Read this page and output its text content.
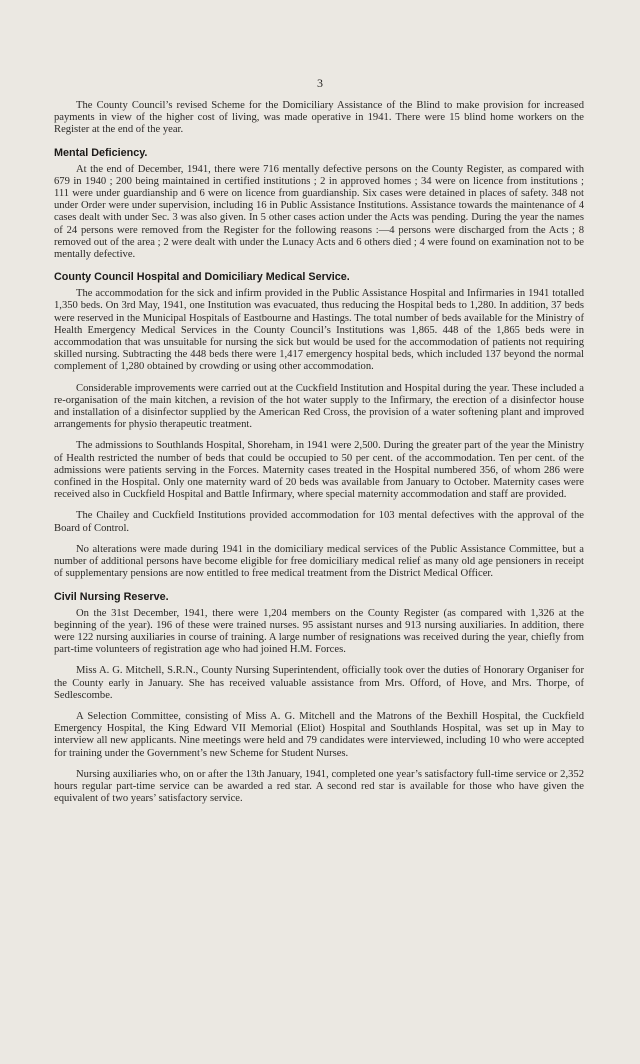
3

The County Council’s revised Scheme for the Domiciliary Assistance of the Blind to make provision for increased payments in view of the higher cost of living, was made operative in 1941. There were 15 blind home workers on the Register at the end of the year.

Mental Deficiency.

At the end of December, 1941, there were 716 mentally defective persons on the County Register, as compared with 679 in 1940 ; 200 being maintained in certified institutions ; 2 in approved homes ; 34 were on licence from institutions ; 111 were under guardianship and 6 were on licence from guardianship. Six cases were detained in places of safety. 348 not under Order were under supervision, including 16 in Public Assistance Institutions. Assistance towards the maintenance of 4 cases dealt with under Sec. 3 was also given. In 5 other cases action under the Acts was pending. During the year the names of 24 persons were removed from the Register for the following reasons :—4 persons were discharged from the Acts ; 8 removed out of the area ; 2 were dealt with under the Lunacy Acts and 6 others died ; 4 were found on examination not to be mentally defective.

County Council Hospital and Domiciliary Medical Service.

The accommodation for the sick and infirm provided in the Public Assistance Hospital and Infirmaries in 1941 totalled 1,350 beds. On 3rd May, 1941, one Institution was evacuated, thus reducing the Hospital beds to 1,280. In addition, 37 beds were reserved in the Municipal Hospitals of Eastbourne and Hastings. The total number of beds available for the Ministry of Health Emergency Medical Services in the County Council’s Institutions was 1,865. 448 of the 1,865 beds were in accommodation that was unsuitable for nursing the sick but would be used for the accommodation of patients not requiring skilled nursing. Subtracting the 448 beds there were 1,417 emergency hospital beds, which included 137 beyond the normal complement of 1,280 obtained by crowding or using other accommodation.

Considerable improvements were carried out at the Cuckfield Institution and Hospital during the year. These included a re-organisation of the main kitchen, a revision of the hot water supply to the Infirmary, the erection of a disinfector house and installation of a disinfector supplied by the American Red Cross, the provision of a water softening plant and improved arrangements for physio therapeutic treatment.

The admissions to Southlands Hospital, Shoreham, in 1941 were 2,500. During the greater part of the year the Ministry of Health restricted the number of beds that could be occupied to 50 per cent. of the accommodation. Ten per cent. of the admissions were patients serving in the Forces. Maternity cases treated in the Hospital numbered 356, of whom 286 were confined in the Hospital. Only one maternity ward of 20 beds was available from January to October. Maternity cases were received also in Cuckfield Hospital and Battle Infirmary, where special maternity accommodation and staff are provided.

The Chailey and Cuckfield Institutions provided accommodation for 103 mental defectives with the approval of the Board of Control.

No alterations were made during 1941 in the domiciliary medical services of the Public Assistance Committee, but a number of additional persons have become eligible for free domiciliary medical relief as many old age pensioners in receipt of supplementary pensions are now entitled to free medical treatment from the District Medical Officer.

Civil Nursing Reserve.

On the 31st December, 1941, there were 1,204 members on the County Register (as compared with 1,326 at the beginning of the year). 196 of these were trained nurses. 95 assistant nurses and 913 nursing auxiliaries. In addition, there were 122 nursing auxiliaries in course of training. A large number of resignations was received during the year, chiefly from part-time volunteers of registration age who had joined H.M. Forces.

Miss A. G. Mitchell, S.R.N., County Nursing Superintendent, officially took over the duties of Honorary Organiser for the County early in January. She has received valuable assistance from Mrs. Offord, of Hove, and Mrs. Thorpe, of Sedlescombe.

A Selection Committee, consisting of Miss A. G. Mitchell and the Matrons of the Bexhill Hospital, the Cuckfield Emergency Hospital, the King Edward VII Memorial (Eliot) Hospital and Southlands Hospital, was set up in May to interview all new applicants. Nine meetings were held and 79 candidates were interviewed, including 10 who were accepted for training under the Government’s new Scheme for Student Nurses.

Nursing auxiliaries who, on or after the 13th January, 1941, completed one year’s satisfactory full-time service or 2,352 hours regular part-time service can be awarded a red star. A second red star is available for those who have given the equivalent of two years’ satisfactory service.
